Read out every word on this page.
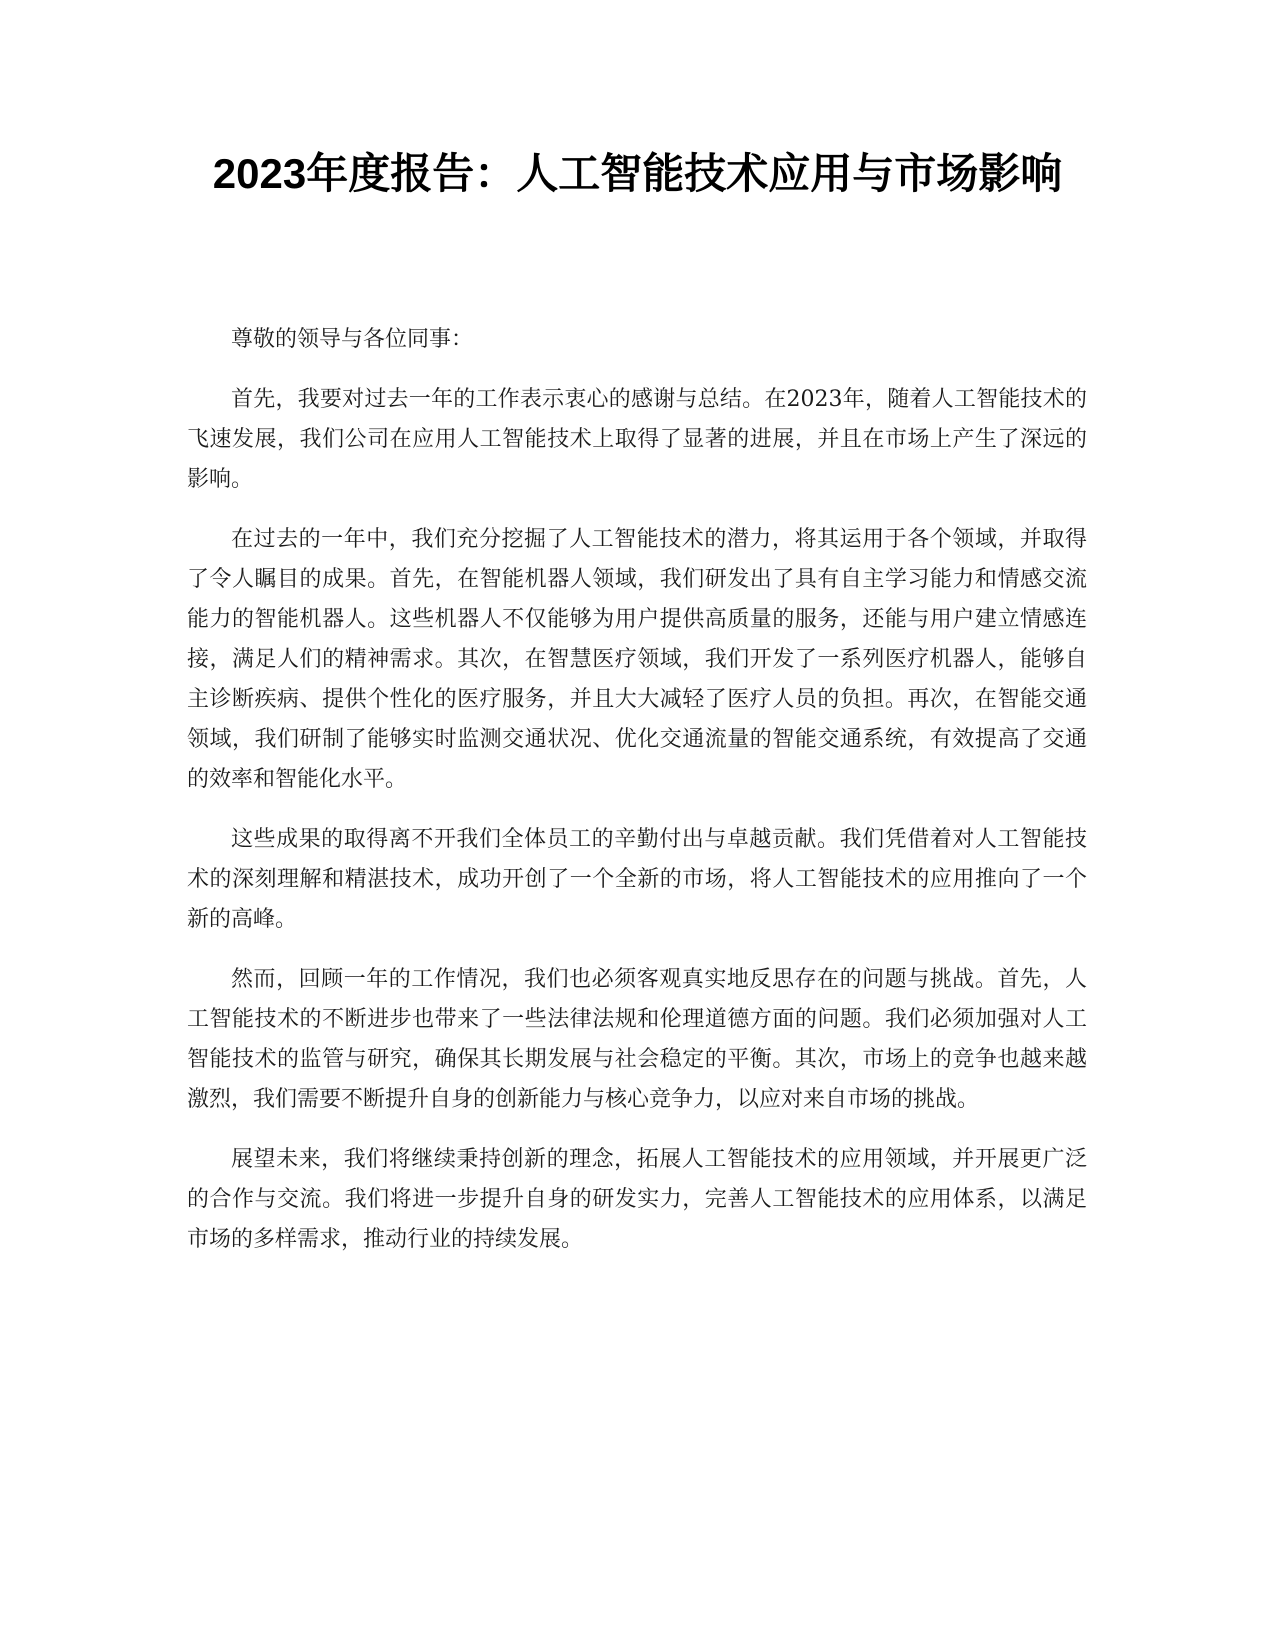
2023年度报告：人工智能技术应用与市场影响

尊敬的领导与各位同事：

首先，我要对过去一年的工作表示衷心的感谢与总结。在2023年，随着人工智能技术的飞速发展，我们公司在应用人工智能技术上取得了显著的进展，并且在市场上产生了深远的影响。

在过去的一年中，我们充分挖掘了人工智能技术的潜力，将其运用于各个领域，并取得了令人瞩目的成果。首先，在智能机器人领域，我们研发出了具有自主学习能力和情感交流能力的智能机器人。这些机器人不仅能够为用户提供高质量的服务，还能与用户建立情感连接，满足人们的精神需求。其次，在智慧医疗领域，我们开发了一系列医疗机器人，能够自主诊断疾病、提供个性化的医疗服务，并且大大减轻了医疗人员的负担。再次，在智能交通领域，我们研制了能够实时监测交通状况、优化交通流量的智能交通系统，有效提高了交通的效率和智能化水平。

这些成果的取得离不开我们全体员工的辛勤付出与卓越贡献。我们凭借着对人工智能技术的深刻理解和精湛技术，成功开创了一个全新的市场，将人工智能技术的应用推向了一个新的高峰。

然而，回顾一年的工作情况，我们也必须客观真实地反思存在的问题与挑战。首先，人工智能技术的不断进步也带来了一些法律法规和伦理道德方面的问题。我们必须加强对人工智能技术的监管与研究，确保其长期发展与社会稳定的平衡。其次，市场上的竞争也越来越激烈，我们需要不断提升自身的创新能力与核心竞争力，以应对来自市场的挑战。

展望未来，我们将继续秉持创新的理念，拓展人工智能技术的应用领域，并开展更广泛的合作与交流。我们将进一步提升自身的研发实力，完善人工智能技术的应用体系，以满足市场的多样需求，推动行业的持续发展。
